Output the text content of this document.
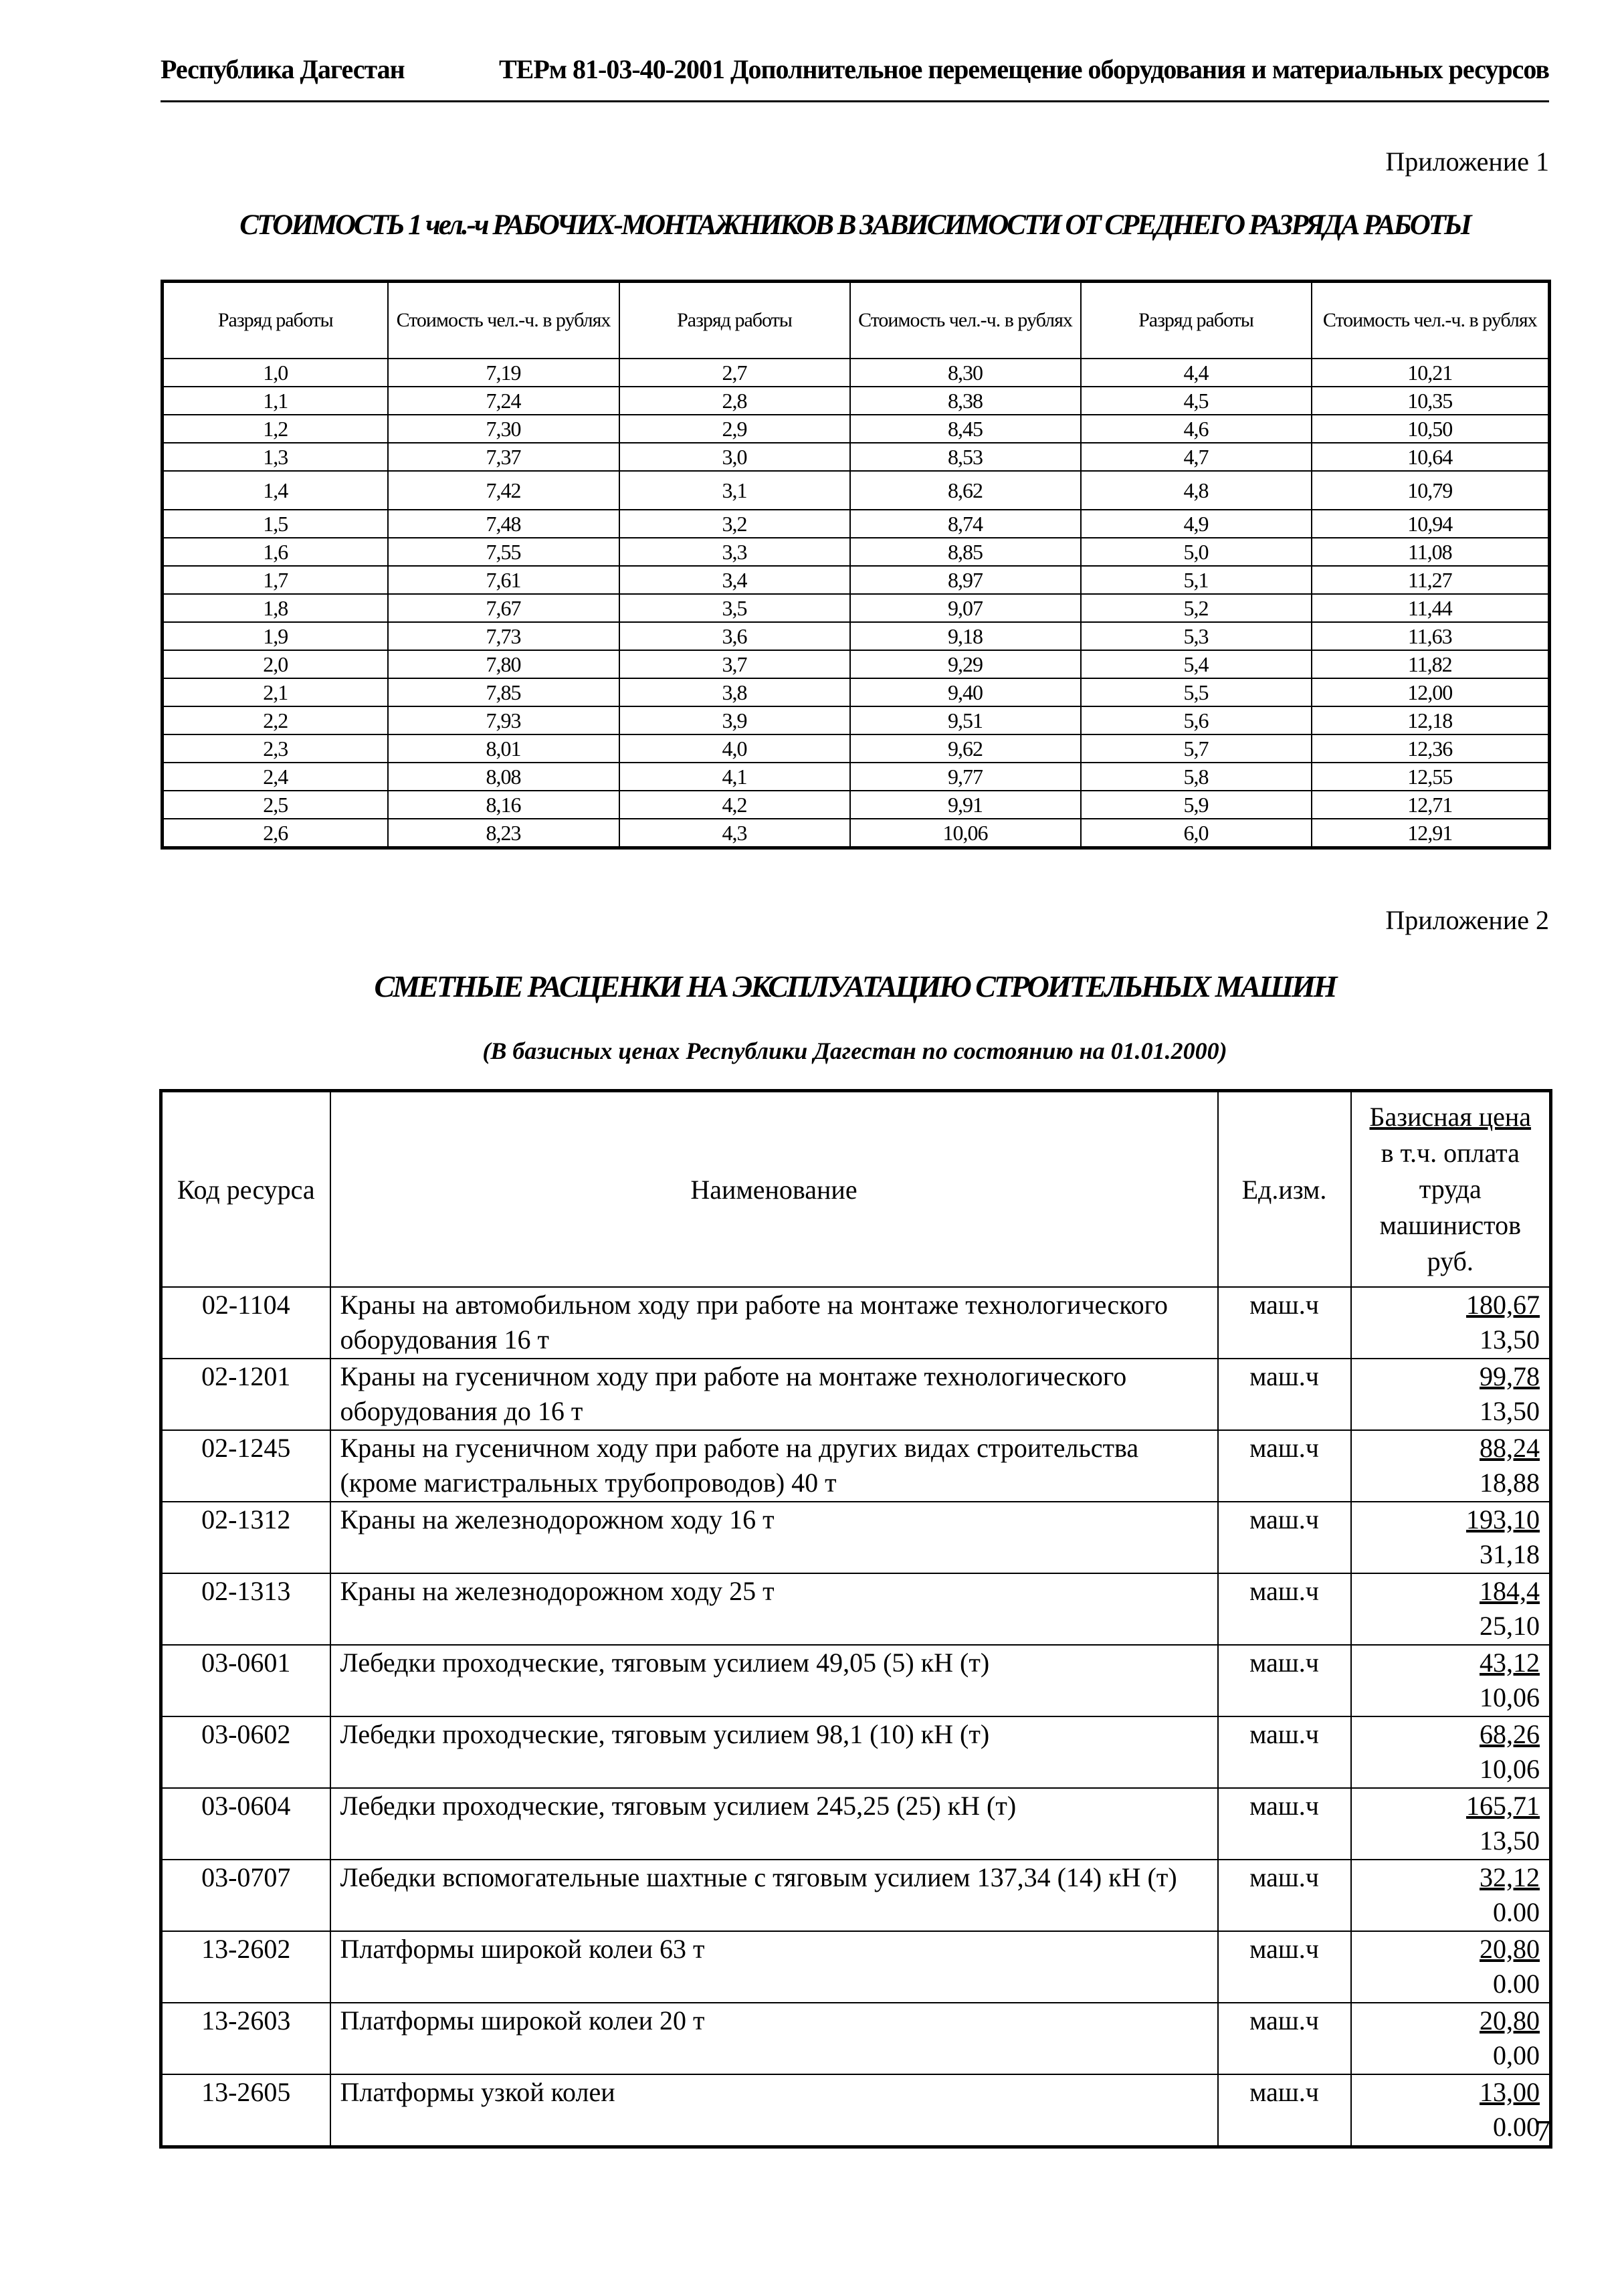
Республика Дагестан	ТЕРм 81-03-40-2001 Дополнительное перемещение оборудования и материальных ресурсов
Приложение 1
СТОИМОСТЬ 1 чел.-ч РАБОЧИХ-МОНТАЖНИКОВ В ЗАВИСИМОСТИ ОТ СРЕДНЕГО РАЗРЯДА РАБОТЫ
Разряд работы	Стоимость чел.-ч. в рублях	Разряд работы	Стоимость чел.-ч. в рублях	Разряд работы	Стоимость чел.-ч. в рублях
1,0	7,19	2,7	8,30	4,4	10,21
1,1	7,24	2,8	8,38	4,5	10,35
1,2	7,30	2,9	8,45	4,6	10,50
1,3	7,37	3,0	8,53	4,7	10,64
1,4	7,42	3,1	8,62	4,8	10,79
1,5	7,48	3,2	8,74	4,9	10,94
1,6	7,55	3,3	8,85	5,0	11,08
1,7	7,61	3,4	8,97	5,1	11,27
1,8	7,67	3,5	9,07	5,2	11,44
1,9	7,73	3,6	9,18	5,3	11,63
2,0	7,80	3,7	9,29	5,4	11,82
2,1	7,85	3,8	9,40	5,5	12,00
2,2	7,93	3,9	9,51	5,6	12,18
2,3	8,01	4,0	9,62	5,7	12,36
2,4	8,08	4,1	9,77	5,8	12,55
2,5	8,16	4,2	9,91	5,9	12,71
2,6	8,23	4,3	10,06	6,0	12,91
Приложение 2
СМЕТНЫЕ РАСЦЕНКИ НА ЭКСПЛУАТАЦИЮ СТРОИТЕЛЬНЫХ МАШИН
(В базисных ценах Республики Дагестан по состоянию на 01.01.2000)
Код ресурса	Наименование	Ед.изм.	Базисная цена
в т.ч. оплата труда машинистов
руб.
02-1104	Краны на автомобильном ходу при работе на монтаже технологического оборудования 16 т	маш.ч	180,67
13,50
02-1201	Краны на гусеничном ходу при работе на монтаже технологического оборудования до 16 т	маш.ч	99,78
13,50
02-1245	Краны на гусеничном ходу при работе на других видах строительства (кроме магистральных трубопроводов) 40 т	маш.ч	88,24
18,88
02-1312	Краны на железнодорожном ходу 16 т	маш.ч	193,10
31,18
02-1313	Краны на железнодорожном ходу 25 т	маш.ч	184,4
25,10
03-0601	Лебедки проходческие, тяговым усилием 49,05 (5) кН (т)	маш.ч	43,12
10,06
03-0602	Лебедки проходческие, тяговым усилием 98,1 (10) кН (т)	маш.ч	68,26
10,06
03-0604	Лебедки проходческие, тяговым усилием 245,25 (25) кН (т)	маш.ч	165,71
13,50
03-0707	Лебедки вспомогательные шахтные с тяговым усилием 137,34 (14) кН (т)	маш.ч	32,12
0.00
13-2602	Платформы широкой колеи 63 т	маш.ч	20,80
0.00
13-2603	Платформы широкой колеи 20 т	маш.ч	20,80
0,00
13-2605	Платформы узкой колеи	маш.ч	13,00
0.00
7
